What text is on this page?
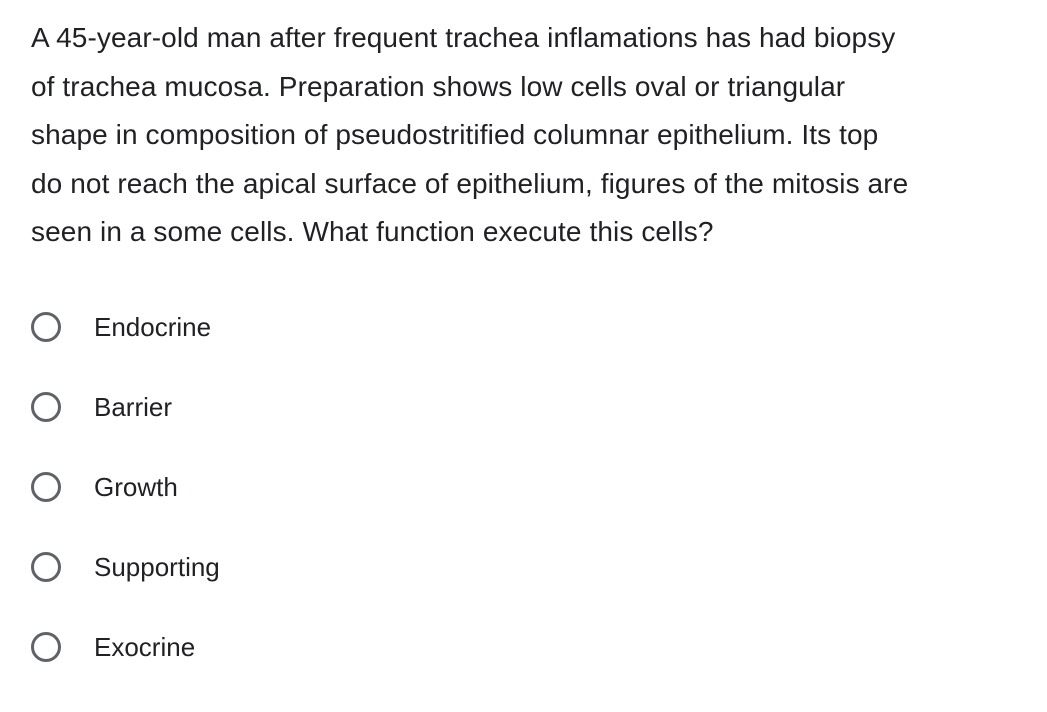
A 45-year-old man after frequent trachea inflamations has had biopsy
of trachea mucosa. Preparation shows low cells oval or triangular
shape in composition of pseudostritified columnar epithelium. Its top
do not reach the apical surface of epithelium, figures of the mitosis are
seen in a some cells. What function execute this cells?
Endocrine
Barrier
Growth
Supporting
Exocrine
